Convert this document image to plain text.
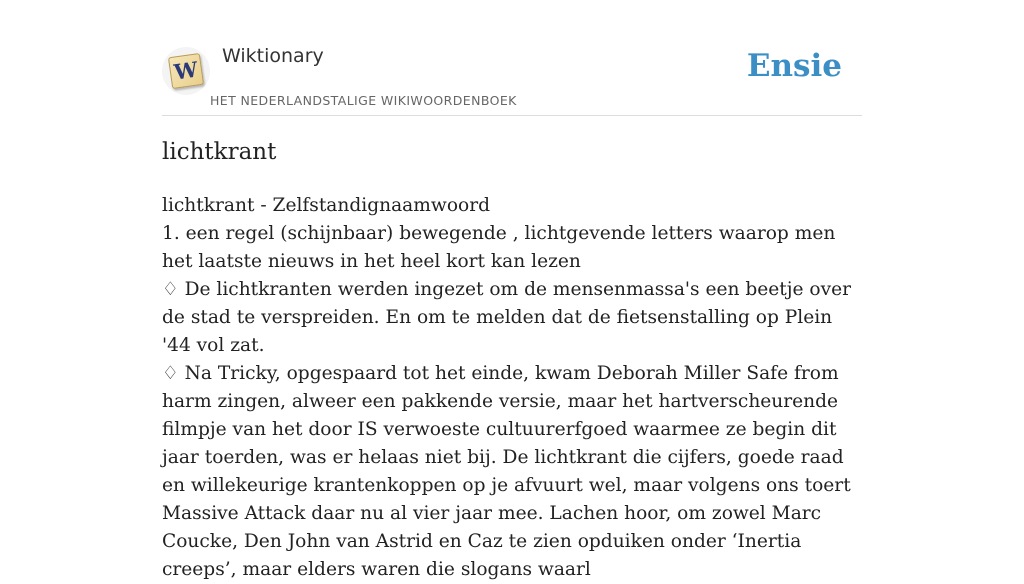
W
Wiktionary
HET NEDERLANDSTALIGE WIKIWOORDENBOEK
Ensie
lichtkrant

lichtkrant - Zelfstandignaamwoord

1. een regel (schijnbaar) bewegende , lichtgevende letters waarop men het laatste nieuws in het heel kort kan lezen

♢ De lichtkranten werden ingezet om de mensenmassa's een beetje over de stad te verspreiden. En om te melden dat de fietsenstalling op Plein '44 vol zat.

♢ Na Tricky, opgespaard tot het einde, kwam Deborah Miller Safe from harm zingen, alweer een pakkende versie, maar het hartverscheurende filmpje van het door IS verwoeste cultuurerfgoed waarmee ze begin dit jaar toerden, was er helaas niet bij. De lichtkrant die cijfers, goede raad en willekeurige krantenkoppen op je afvuurt wel, maar volgens ons toert Massive Attack daar nu al vier jaar mee. Lachen hoor, om zowel Marc Coucke, Den John van Astrid en Caz te zien opduiken onder ‘Inertia creeps’, maar elders waren die slogans waarl
